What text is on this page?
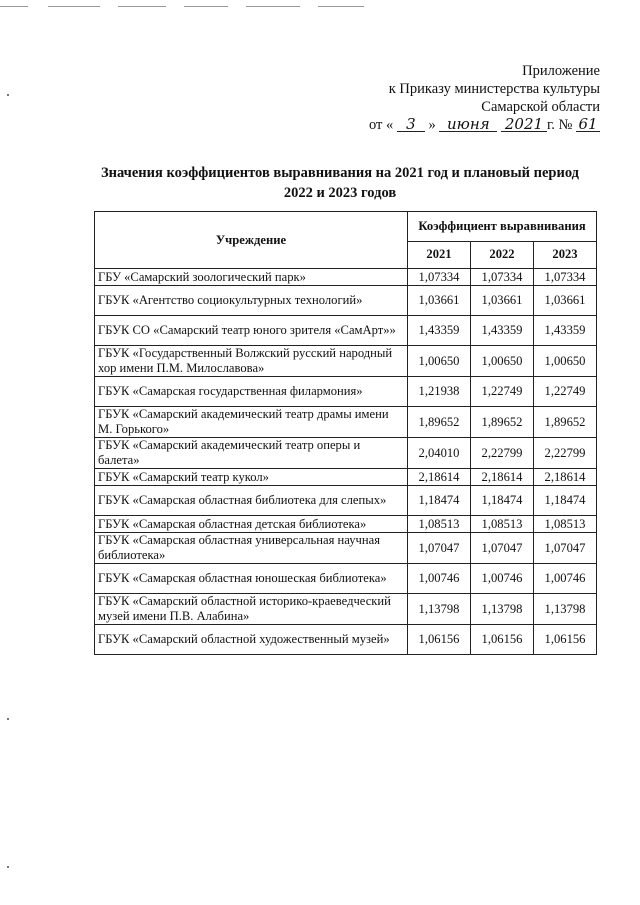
Приложение
к Приказу министерства культуры
Самарской области
от « 3 » июня 2021 г. № 61
Значения коэффициентов выравнивания на 2021 год и плановый период
2022 и 2023 годов
Учреждение	Коэффициент выравнивания		
	2021	2022	2023
ГБУ «Самарский зоологический парк»	1,07334	1,07334	1,07334
ГБУК «Агентство социокультурных технологий»	1,03661	1,03661	1,03661
ГБУК СО «Самарский театр юного зрителя «СамАрт»»	1,43359	1,43359	1,43359
ГБУК «Государственный Волжский русский народный хор имени П.М. Милославова»	1,00650	1,00650	1,00650
ГБУК «Самарская государственная филармония»	1,21938	1,22749	1,22749
ГБУК «Самарский академический театр драмы имени М. Горького»	1,89652	1,89652	1,89652
ГБУК «Самарский академический театр оперы и балета»	2,04010	2,22799	2,22799
ГБУК «Самарский театр кукол»	2,18614	2,18614	2,18614
ГБУК «Самарская областная библиотека для слепых»	1,18474	1,18474	1,18474
ГБУК «Самарская областная детская библиотека»	1,08513	1,08513	1,08513
ГБУК «Самарская областная универсальная научная библиотека»	1,07047	1,07047	1,07047
ГБУК «Самарская областная юношеская библиотека»	1,00746	1,00746	1,00746
ГБУК «Самарский областной историко-краеведческий музей имени П.В. Алабина»	1,13798	1,13798	1,13798
ГБУК «Самарский областной художественный музей»	1,06156	1,06156	1,06156
